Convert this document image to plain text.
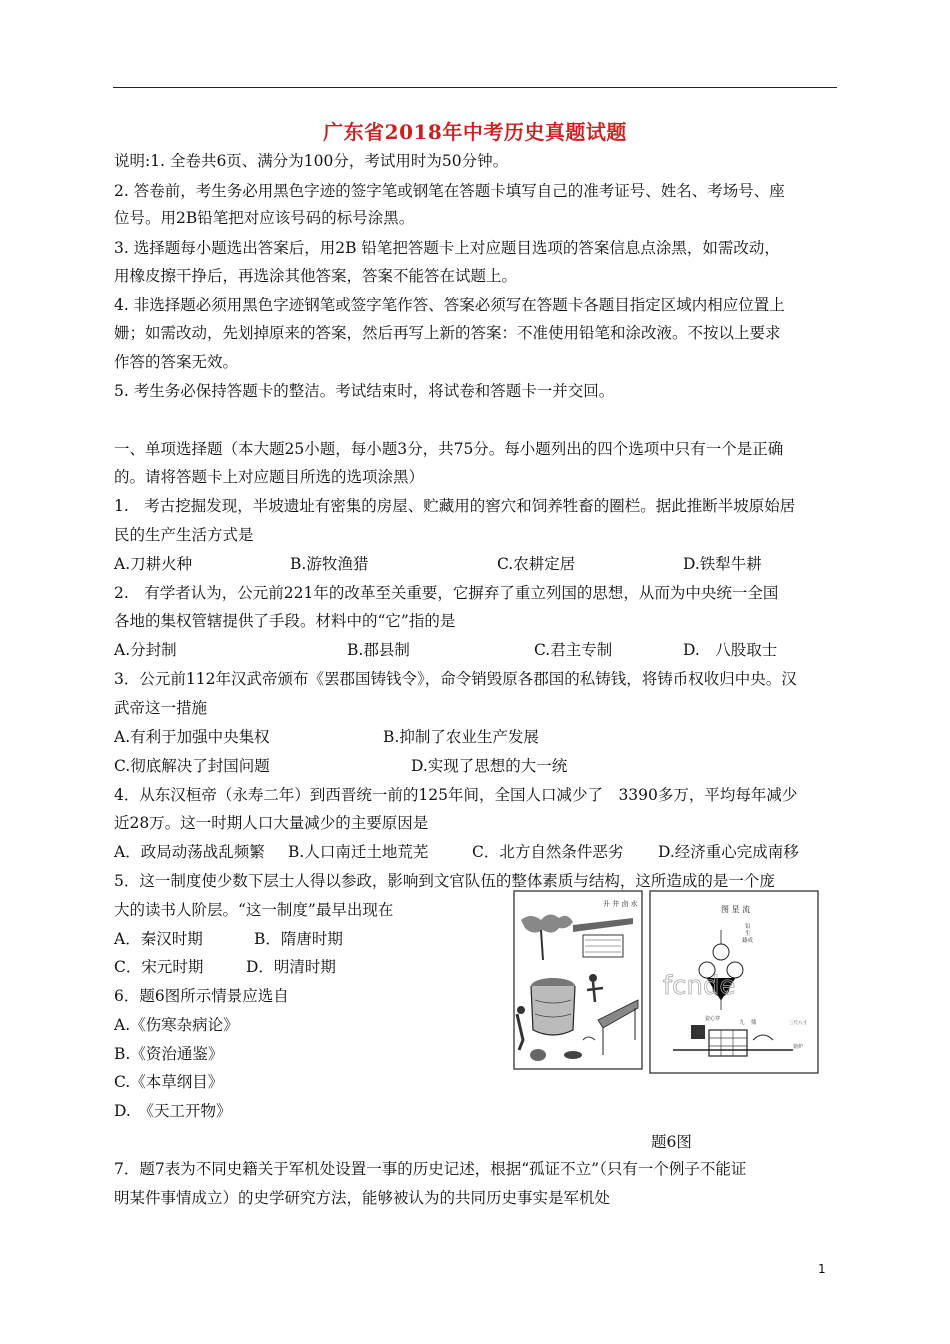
广东省2018年中考历史真题试题
说明:1. 全卷共6页、满分为100分，考试用时为50分钟。
2. 答卷前，考生务必用黑色字迹的签字笔或钢笔在答题卡填写自己的准考证号、姓名、考场号、座
位号。用2B铅笔把对应该号码的标号涂黑。
3. 选择题每小题选出答案后，用2B 铅笔把答题卡上对应题目选项的答案信息点涂黑，如需改动，
用橡皮擦干挣后，再选涂其他答案，答案不能答在试题上。
4. 非选择题必须用黑色字迹钢笔或签字笔作答、答案必须写在答题卡各题目指定区域内相应位置上
姗；如需改动，先划掉原来的答案，然后再写上新的答案：不准使用铅笔和涂改液。不按以上要求
作答的答案无效。
5. 考生务必保持答题卡的整洁。考试结束时，将试卷和答题卡一并交回。
一、单项选择题（本大题25小题，每小题3分，共75分。每小题列出的四个选项中只有一个是正确
的。请将答题卡上对应题目所选的选项涂黑）
1.　考古挖掘发现，半坡遗址有密集的房屋、贮藏用的窖穴和饲养牲畜的圈栏。据此推断半坡原始居
民的生产生活方式是
A.刀耕火种	B.游牧渔猎	C.农耕定居	D.铁犁牛耕
2.　有学者认为，公元前221年的改革至关重要，它摒弃了重立列国的思想，从而为中央统一全国
各地的集权管辖提供了手段。材料中的“它”指的是
A.分封制	B.郡县制	C.君主专制	D.　八股取士
3．公元前112年汉武帝颁布《罢郡国铸钱令》，命令销毁原各郡国的私铸钱，将铸币权收归中央。汉
武帝这一措施
A.有利于加强中央集权	B.抑制了农业生产发展
C.彻底解决了封国问题	D.实现了思想的大一统
4．从东汉桓帝（永寿二年）到西晋统一前的125年间，全国人口减少了　3390多万，平均每年减少
近28万。这一时期人口大量减少的主要原因是
A．政局动荡战乱频繁 B.人口南迁土地荒芜	C．北方自然条件恶劣 D.经济重心完成南移
5．这一制度使少数下层士人得以参政，影响到文官队伍的整体素质与结构，这所造成的是一个庞
大的读书人阶层。“这一制度”最早出现在
A．秦汉时期	B．隋唐时期
C．宋元时期	D．明清时期
6．题6图所示情景应选自
A.《伤寒杂病论》
B.《资治通鉴》
C.《本草纲目》
D.　《天工开物》
升 井 卤 水
图 星 流
铅
生
鑄成
fcnde
九 鼎	三尺八寸
瓷心穿
镕炉
题6图
7．题7表为不同史籍关于军机处设置一事的历史记述，根据“孤证不立”（只有一个例子不能证
明某件事情成立）的史学研究方法，能够被认为的共同历史事实是军机处
1
